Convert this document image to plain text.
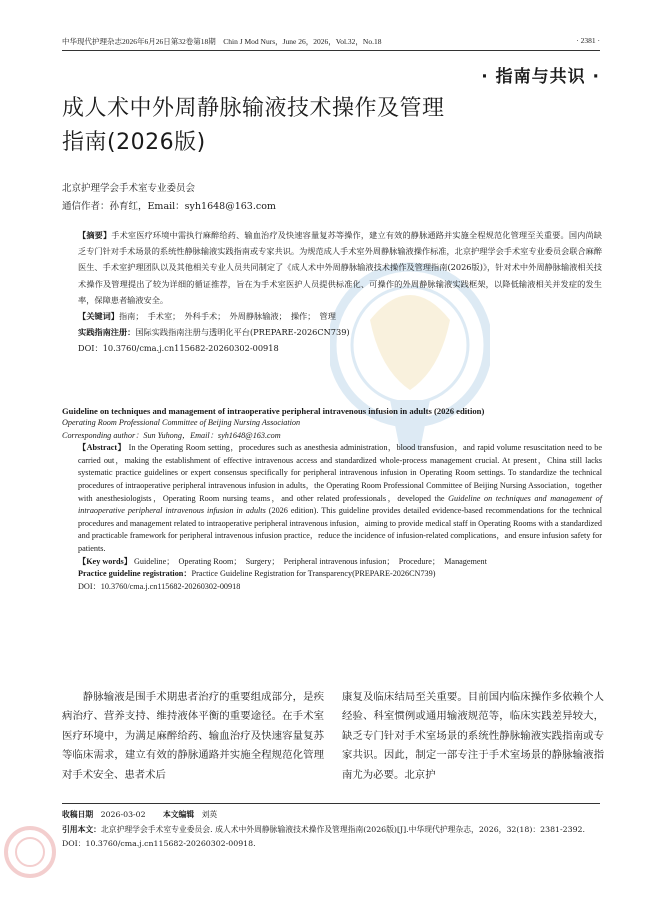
中华现代护理杂志2026年6月26日第32卷第18期　Chin J Mod Nurs，June 26，2026，Vol.32，No.18	· 2381 ·
· 指南与共识 ·
成人术中外周静脉输液技术操作及管理
指南(2026版)
北京护理学会手术室专业委员会
通信作者：孙育红，Email：syh1648@163.com
【摘要】手术室医疗环境中需执行麻醉给药、输血治疗及快速容量复苏等操作，建立有效的静脉通路并实施全程规范化管理至关重要。国内尚缺乏专门针对手术场景的系统性静脉输液实践指南或专家共识。为规范成人手术室外周静脉输液操作标准，北京护理学会手术室专业委员会联合麻醉医生、手术室护理团队以及其他相关专业人员共同制定了《成人术中外周静脉输液技术操作及管理指南(2026版)》，针对术中外周静脉输液相关技术操作及管理提出了较为详细的循证推荐，旨在为手术室医护人员提供标准化、可操作的外周静脉输液实践框架，以降低输液相关并发症的发生率，保障患者输液安全。
【关键词】指南；　手术室；　外科手术；　外周静脉输液；　操作；　管理
实践指南注册：国际实践指南注册与透明化平台(PREPARE-2026CN739)
DOI：10.3760/cma.j.cn115682-20260302-00918
Guideline on techniques and management of intraoperative peripheral intravenous infusion in adults (2026 edition)
Operating Room Professional Committee of Beijing Nursing Association
Corresponding author：Sun Yuhong，Email：syh1648@163.com
【Abstract】 In the Operating Room setting，procedures such as anesthesia administration，blood transfusion，and rapid volume resuscitation need to be carried out，making the establishment of effective intravenous access and standardized whole-process management crucial. At present，China still lacks systematic practice guidelines or expert consensus specifically for peripheral intravenous infusion in Operating Room settings. To standardize the technical procedures of intraoperative peripheral intravenous infusion in adults，the Operating Room Professional Committee of Beijing Nursing Association，together with anesthesiologists，Operating Room nursing teams，and other related professionals，developed the Guideline on techniques and management of intraoperative peripheral intravenous infusion in adults (2026 edition). This guideline provides detailed evidence-based recommendations for the technical procedures and management related to intraoperative peripheral intravenous infusion，aiming to provide medical staff in Operating Rooms with a standardized and practicable framework for peripheral intravenous infusion practice，reduce the incidence of infusion-related complications，and ensure infusion safety for patients.
【Key words】 Guideline；　Operating Room；　Surgery；　Peripheral intravenous infusion；　Procedure；　Management
Practice guideline registration：Practice Guideline Registration for Transparency(PREPARE-2026CN739)
DOI：10.3760/cma.j.cn115682-20260302-00918

静脉输液是围手术期患者治疗的重要组成部分，是疾病治疗、营养支持、维持液体平衡的重要途径。在手术室医疗环境中，为满足麻醉给药、输血治疗及快速容量复苏等临床需求，建立有效的静脉通路并实施全程规范化管理对手术安全、患者术后

康复及临床结局至关重要。目前国内临床操作多依赖个人经验、科室惯例或通用输液规范等，临床实践差异较大，缺乏专门针对手术室场景的系统性静脉输液实践指南或专家共识。因此，制定一部专注于手术室场景的静脉输液指南尤为必要。北京护

收稿日期 2026-03-02 本文编辑 刘英
引用本文：北京护理学会手术室专业委员会. 成人术中外周静脉输液技术操作及管理指南(2026版)[J].中华现代护理杂志，2026，32(18)：2381-2392. DOI：10.3760/cma.j.cn115682-20260302-00918.
